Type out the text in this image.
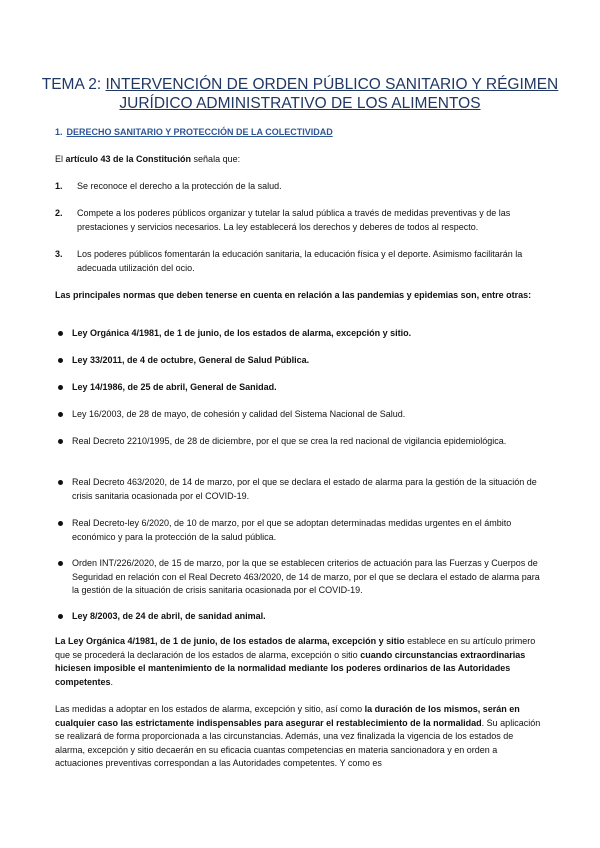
TEMA 2: INTERVENCIÓN DE ORDEN PÚBLICO SANITARIO Y RÉGIMEN
JURÍDICO ADMINISTRATIVO DE LOS ALIMENTOS
1. DERECHO SANITARIO Y PROTECCIÓN DE LA COLECTIVIDAD
El artículo 43 de la Constitución señala que:
1. Se reconoce el derecho a la protección de la salud.
2. Compete a los poderes públicos organizar y tutelar la salud pública a través de medidas preventivas y de las prestaciones y servicios necesarios. La ley establecerá los derechos y deberes de todos al respecto.
3. Los poderes públicos fomentarán la educación sanitaria, la educación física y el deporte. Asimismo facilitarán la adecuada utilización del ocio.
Las principales normas que deben tenerse en cuenta en relación a las pandemias y epidemias son, entre otras:
Ley Orgánica 4/1981, de 1 de junio, de los estados de alarma, excepción y sitio.
Ley 33/2011, de 4 de octubre, General de Salud Pública.
Ley 14/1986, de 25 de abril, General de Sanidad.
Ley 16/2003, de 28 de mayo, de cohesión y calidad del Sistema Nacional de Salud.
Real Decreto 2210/1995, de 28 de diciembre, por el que se crea la red nacional de vigilancia epidemiológica.
Real Decreto 463/2020, de 14 de marzo, por el que se declara el estado de alarma para la gestión de la situación de crisis sanitaria ocasionada por el COVID-19.
Real Decreto-ley 6/2020, de 10 de marzo, por el que se adoptan determinadas medidas urgentes en el ámbito económico y para la protección de la salud pública.
Orden INT/226/2020, de 15 de marzo, por la que se establecen criterios de actuación para las Fuerzas y Cuerpos de Seguridad en relación con el Real Decreto 463/2020, de 14 de marzo, por el que se declara el estado de alarma para la gestión de la situación de crisis sanitaria ocasionada por el COVID-19.
Ley 8/2003, de 24 de abril, de sanidad animal.
La Ley Orgánica 4/1981, de 1 de junio, de los estados de alarma, excepción y sitio establece en su artículo primero que se procederá la declaración de los estados de alarma, excepción o sitio cuando circunstancias extraordinarias hiciesen imposible el mantenimiento de la normalidad mediante los poderes ordinarios de las Autoridades competentes.
Las medidas a adoptar en los estados de alarma, excepción y sitio, así como la duración de los mismos, serán en cualquier caso las estrictamente indispensables para asegurar el restablecimiento de la normalidad. Su aplicación se realizará de forma proporcionada a las circunstancias. Además, una vez finalizada la vigencia de los estados de alarma, excepción y sitio decaerán en su eficacia cuantas competencias en materia sancionadora y en orden a actuaciones preventivas correspondan a las Autoridades competentes. Y como es
